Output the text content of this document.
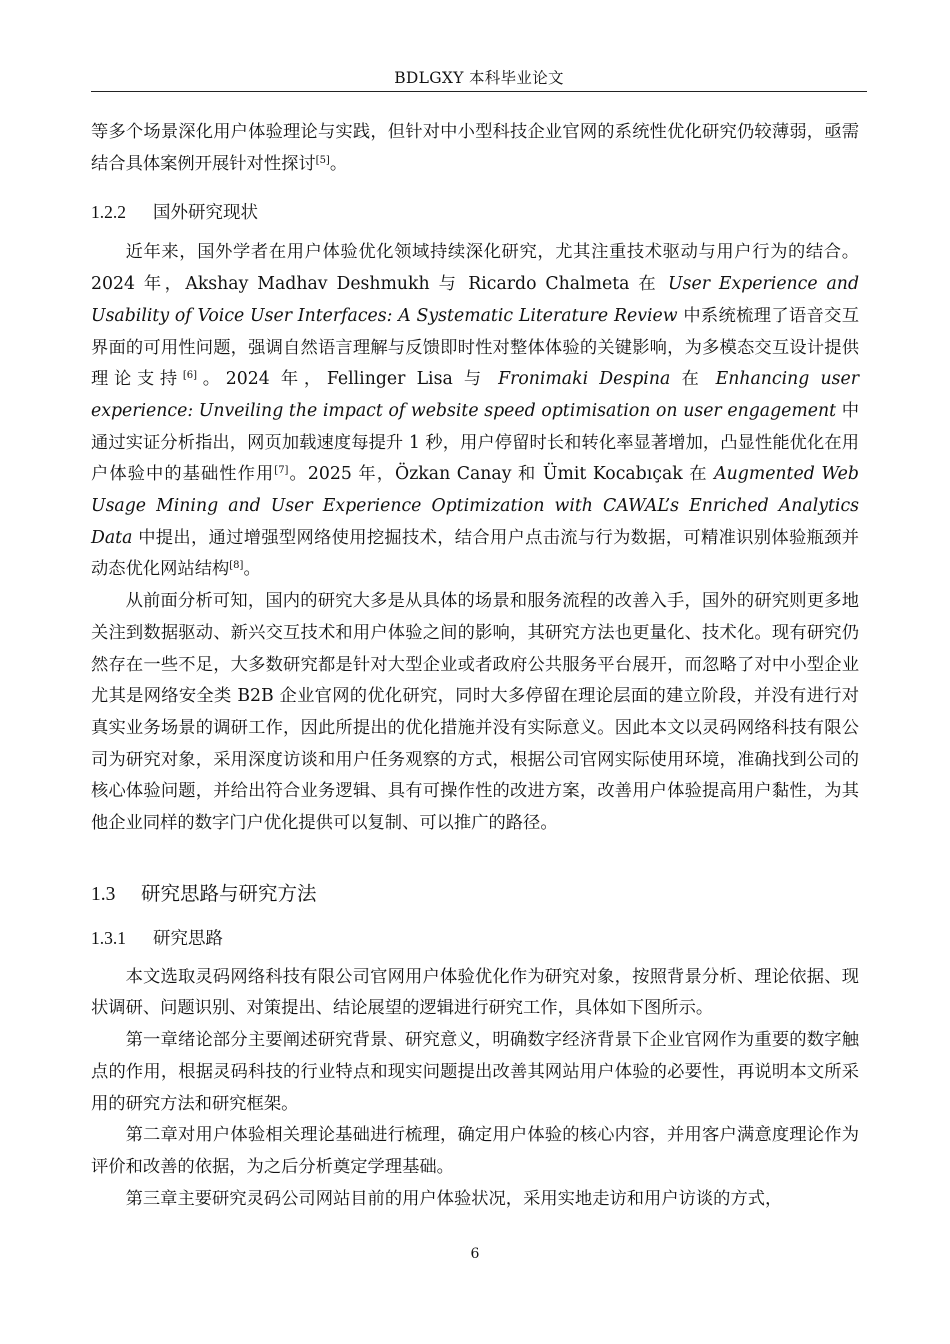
BDLGXY 本科毕业论文

等多个场景深化用户体验理论与实践，但针对中小型科技企业官网的系统性优化研究仍较薄弱，亟需结合具体案例开展针对性探讨[5]。

1.2.2 国外研究现状

近年来，国外学者在用户体验优化领域持续深化研究，尤其注重技术驱动与用户行为的结合。2024 年，Akshay Madhav Deshmukh 与 Ricardo Chalmeta 在 User Experience and Usability of Voice User Interfaces: A Systematic Literature Review 中系统梳理了语音交互界面的可用性问题，强调自然语言理解与反馈即时性对整体体验的关键影响，为多模态交互设计提供理论支持[6]。2024 年，Fellinger Lisa 与 Fronimaki Despina 在 Enhancing user experience: Unveiling the impact of website speed optimisation on user engagement 中通过实证分析指出，网页加载速度每提升 1 秒，用户停留时长和转化率显著增加，凸显性能优化在用户体验中的基础性作用[7]。2025 年，Özkan Canay 和 Ümit Kocabıçak 在 Augmented Web Usage Mining and User Experience Optimization with CAWAL’s Enriched Analytics Data 中提出，通过增强型网络使用挖掘技术，结合用户点击流与行为数据，可精准识别体验瓶颈并动态优化网站结构[8]。

从前面分析可知，国内的研究大多是从具体的场景和服务流程的改善入手，国外的研究则更多地关注到数据驱动、新兴交互技术和用户体验之间的影响，其研究方法也更量化、技术化。现有研究仍然存在一些不足，大多数研究都是针对大型企业或者政府公共服务平台展开，而忽略了对中小型企业尤其是网络安全类 B2B 企业官网的优化研究，同时大多停留在理论层面的建立阶段，并没有进行对真实业务场景的调研工作，因此所提出的优化措施并没有实际意义。因此本文以灵码网络科技有限公司为研究对象，采用深度访谈和用户任务观察的方式，根据公司官网实际使用环境，准确找到公司的核心体验问题，并给出符合业务逻辑、具有可操作性的改进方案，改善用户体验提高用户黏性，为其他企业同样的数字门户优化提供可以复制、可以推广的路径。

1.3 研究思路与研究方法
1.3.1 研究思路

本文选取灵码网络科技有限公司官网用户体验优化作为研究对象，按照背景分析、理论依据、现状调研、问题识别、对策提出、结论展望的逻辑进行研究工作，具体如下图所示。

第一章绪论部分主要阐述研究背景、研究意义，明确数字经济背景下企业官网作为重要的数字触点的作用，根据灵码科技的行业特点和现实问题提出改善其网站用户体验的必要性，再说明本文所采用的研究方法和研究框架。

第二章对用户体验相关理论基础进行梳理，确定用户体验的核心内容，并用客户满意度理论作为评价和改善的依据，为之后分析奠定学理基础。

第三章主要研究灵码公司网站目前的用户体验状况，采用实地走访和用户访谈的方式，

6
